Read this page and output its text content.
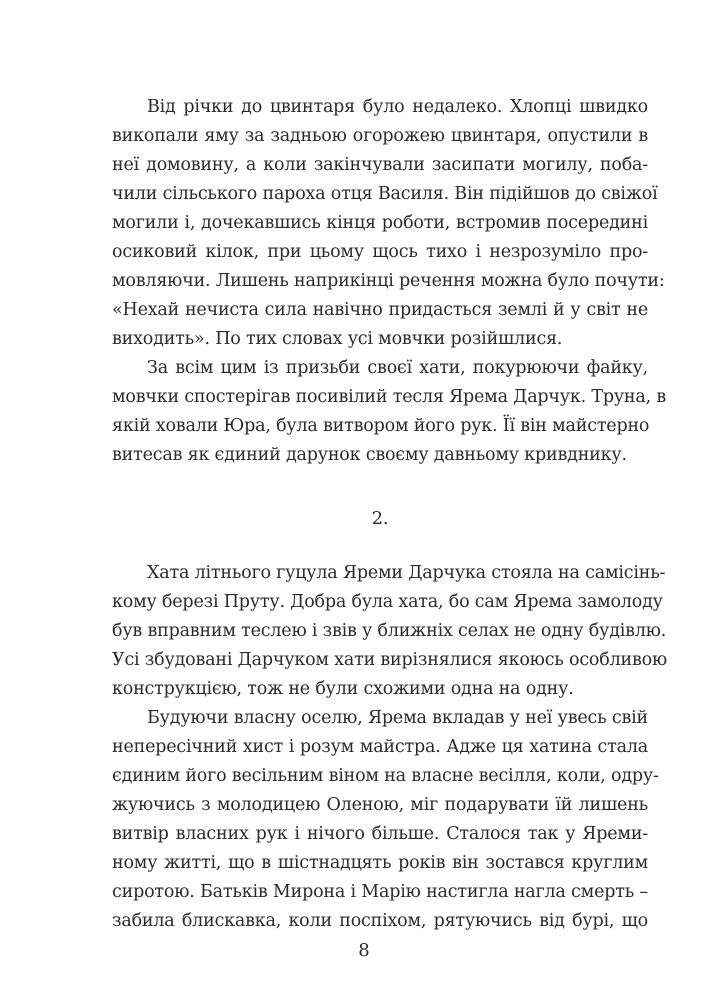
Від річки до цвинтаря було недалеко. Хлопці швидко
викопали яму за задньою огорожею цвинтаря, опустили в
неї домовину, а коли закінчували засипати могилу, поба-
чили сільського пароха отця Василя. Він підійшов до свіжої
могили і, дочекавшись кінця роботи, встромив посередині
осиковий кілок, при цьому щось тихо і незрозуміло про-
мовляючи. Лишень наприкінці речення можна було почути:
«Нехай нечиста сила навічно придасться землі й у світ не
виходить». По тих словах усі мовчки розійшлися.
За всім цим із призьби своєї хати, покурюючи файку,
мовчки спостерігав посивілий тесля Ярема Дарчук. Труна, в
якій ховали Юра, була витвором його рук. Її він майстерно
витесав як єдиний дарунок своєму давньому кривднику.
2.
Хата літнього гуцула Яреми Дарчука стояла на самісінь-
кому березі Пруту. Добра була хата, бо сам Ярема замолоду
був вправним теслею і звів у ближніх селах не одну будівлю.
Усі збудовані Дарчуком хати вирізнялися якоюсь особливою
конструкцією, тож не були схожими одна на одну.
Будуючи власну оселю, Ярема вкладав у неї увесь свій
непересічний хист і розум майстра. Адже ця хатина стала
єдиним його весільним віном на власне весілля, коли, одру-
жуючись з молодицею Оленою, міг подарувати їй лишень
витвір власних рук і нічого більше. Сталося так у Яреми-
ному житті, що в шістнадцять років він зостався круглим
сиротою. Батьків Мирона і Марію настигла нагла смерть –
забила блискавка, коли поспіхом, рятуючись від бурі, що
8
